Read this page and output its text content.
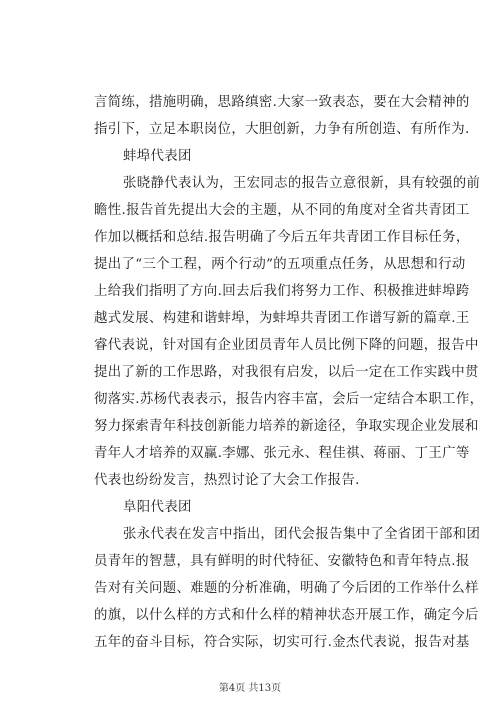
言简练，措施明确，思路缜密.大家一致表态，要在大会精神的
指引下，立足本职岗位，大胆创新，力争有所创造、有所作为.
蚌埠代表团
张晓静代表认为，王宏同志的报告立意很新，具有较强的前
瞻性.报告首先提出大会的主题，从不同的角度对全省共青团工
作加以概括和总结.报告明确了今后五年共青团工作目标任务，
提出了“三个工程，两个行动”的五项重点任务，从思想和行动
上给我们指明了方向.回去后我们将努力工作、积极推进蚌埠跨
越式发展、构建和谐蚌埠，为蚌埠共青团工作谱写新的篇章.王
睿代表说，针对国有企业团员青年人员比例下降的问题，报告中
提出了新的工作思路，对我很有启发，以后一定在工作实践中贯
彻落实.苏杨代表表示，报告内容丰富，会后一定结合本职工作，
努力探索青年科技创新能力培养的新途径，争取实现企业发展和
青年人才培养的双赢.李娜、张元永、程佳祺、蒋丽、丁王广等
代表也纷纷发言，热烈讨论了大会工作报告.
阜阳代表团
张永代表在发言中指出，团代会报告集中了全省团干部和团
员青年的智慧，具有鲜明的时代特征、安徽特色和青年特点.报
告对有关问题、难题的分析准确，明确了今后团的工作举什么样
的旗，以什么样的方式和什么样的精神状态开展工作，确定今后
五年的奋斗目标，符合实际，切实可行.金杰代表说，报告对基
第4页 共13页
